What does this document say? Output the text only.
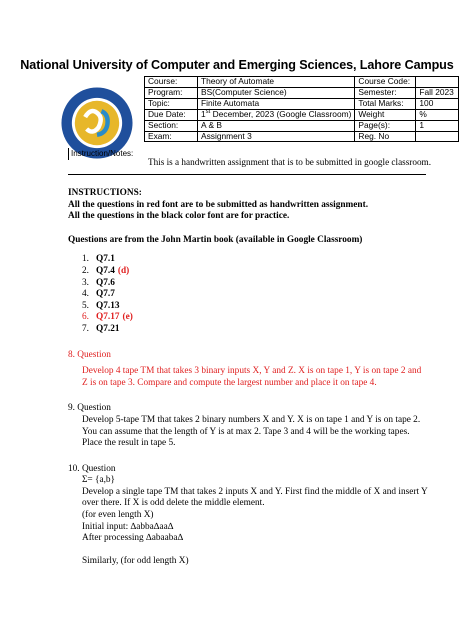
National University of Computer and Emerging Sciences, Lahore Campus
Course:	Theory of Automate	Course Code:	
Program:	BS(Computer Science)	Semester:	Fall 2023
Topic:	Finite Automata	Total Marks:	100
Due Date:	1st December, 2023 (Google Classroom)	Weight	%
Section:	A & B	Page(s):	1
Exam:	Assignment 3	Reg. No	
Instruction/Notes:
This is a handwritten assignment that is to be submitted in google classroom.
INSTRUCTIONS:
All the questions in red font are to be submitted as handwritten assignment.
All the questions in the black color font are for practice.
Questions are from the John Martin book (available in Google Classroom)
1. Q7.1
2. Q7.4 (d)
3. Q7.6
4. Q7.7
5. Q7.13
6. Q7.17 (e)
7. Q7.21
8. Question

Develop 4 tape TM that takes 3 binary inputs X, Y and Z. X is on tape 1, Y is on tape 2 and Z is on tape 3. Compare and compute the largest number and place it on tape 4.

9. Question

Develop 5-tape TM that takes 2 binary numbers X and Y. X is on tape 1 and Y is on tape 2. You can assume that the length of Y is at max 2. Tape 3 and 4 will be the working tapes. Place the result in tape 5.

10. Question
Σ= {a,b}

Develop a single tape TM that takes 2 inputs X and Y. First find the middle of X and insert Y over there. If X is odd delete the middle element.

(for even length X)
Initial input: ∆abba∆aa∆
After processing ∆abaaba∆
Similarly, (for odd length X)
